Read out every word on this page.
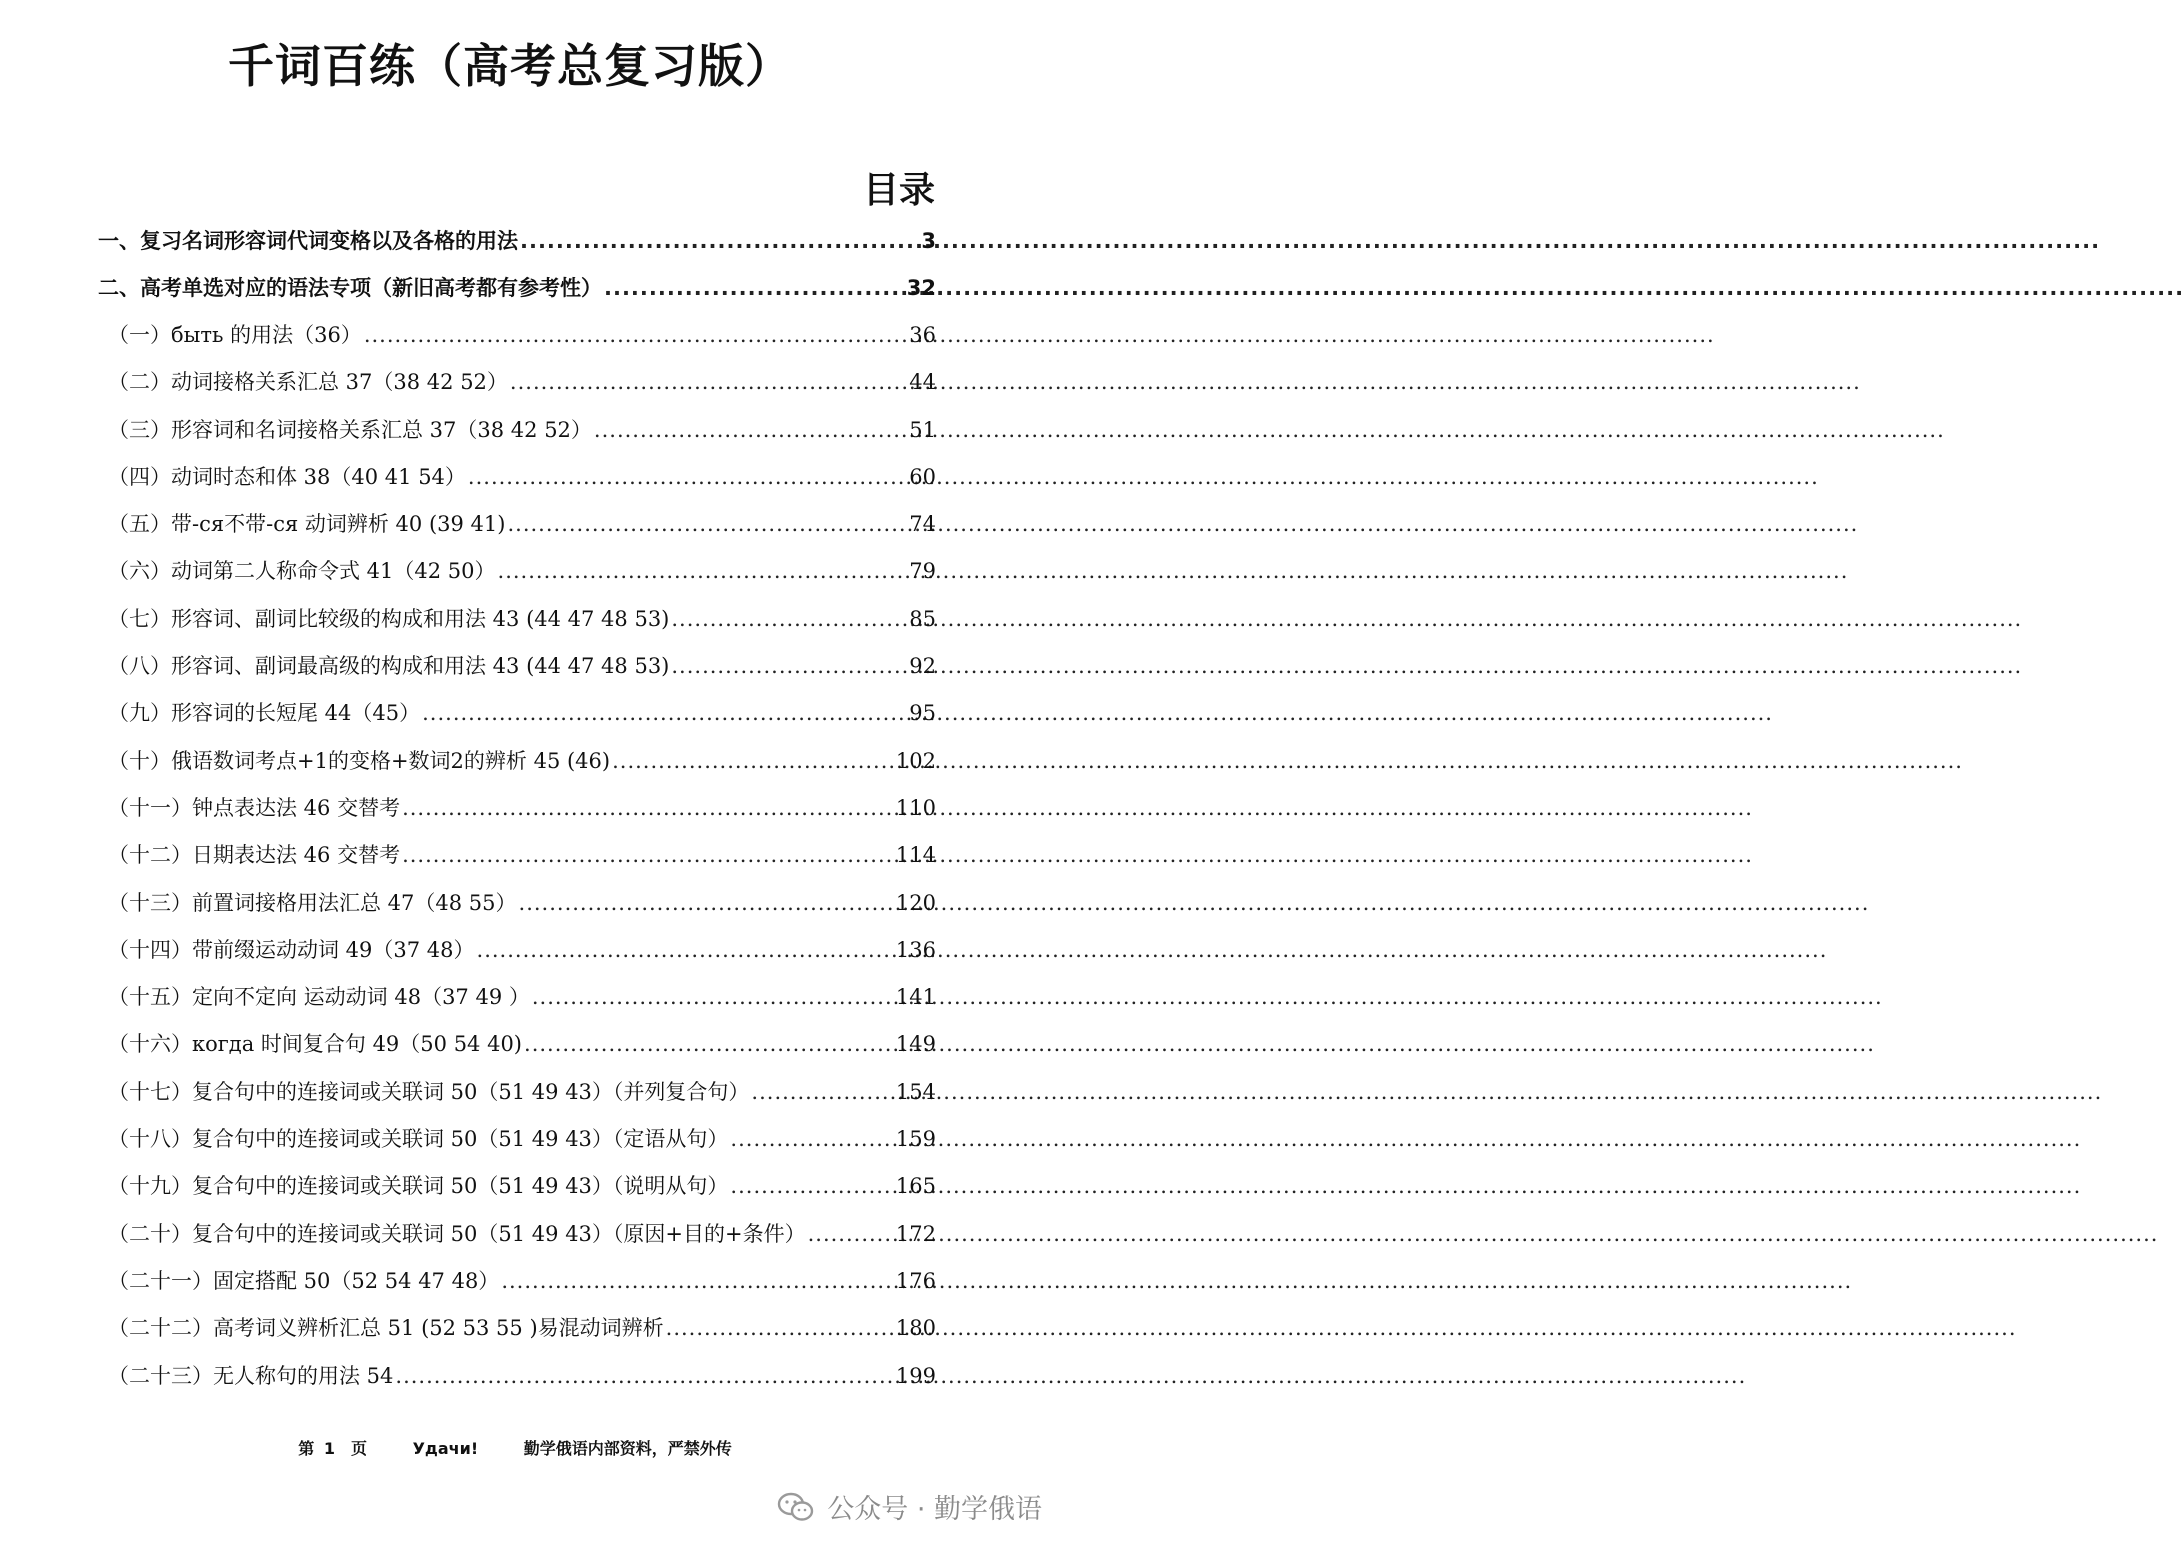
千词百练（高考总复习版）
目录
一、 复习名词形容词代词变格以及各格的用法 .....	3
二、 高考单选对应的语法专项（新旧高考都有参考性） .....	32
（一） быть 的用法（36） .....	36
（二） 动词接格关系汇总 37（38 42 52） .....	44
（三） 形容词和名词接格关系汇总 37（38 42 52） .....	51
（四） 动词时态和体 38（40 41 54） .....	60
（五） 带-ся不带-ся 动词辨析 40 (39 41) .....	74
（六） 动词第二人称命令式 41（42 50） .....	79
（七） 形容词、副词比较级的构成和用法 43 (44 47 48 53) .....	85
（八） 形容词、副词最高级的构成和用法 43 (44 47 48 53) .....	92
（九） 形容词的长短尾 44（45） .....	95
（十） 俄语数词考点+1的变格+数词2的辨析 45 (46) .....	102
（十一） 钟点表达法 46 交替考 .....	110
（十二） 日期表达法 46 交替考 .....	114
（十三） 前置词接格用法汇总 47（48 55） .....	120
（十四） 带前缀运动动词 49（37 48） .....	136
（十五） 定向不定向 运动动词 48（37 49 ） .....	141
（十六） когда 时间复合句 49（50 54 40) .....	149
（十七） 复合句中的连接词或关联词 50（51 49 43）（并列复合句） .....	154
（十八） 复合句中的连接词或关联词 50（51 49 43）（定语从句） .....	159
（十九） 复合句中的连接词或关联词 50（51 49 43）（说明从句） .....	165
（二十） 复合句中的连接词或关联词 50（51 49 43）（原因+目的+条件） .....	172
（二十一） 固定搭配 50（52 54 47 48） .....	176
（二十二） 高考词义辨析汇总 51 (52 53 55 )易混动词辨析 .....	180
（二十三） 无人称句的用法 54 .....	199
第 1　页	Удачи!	勤学俄语内部资料，严禁外传
公众号 · 勤学俄语
